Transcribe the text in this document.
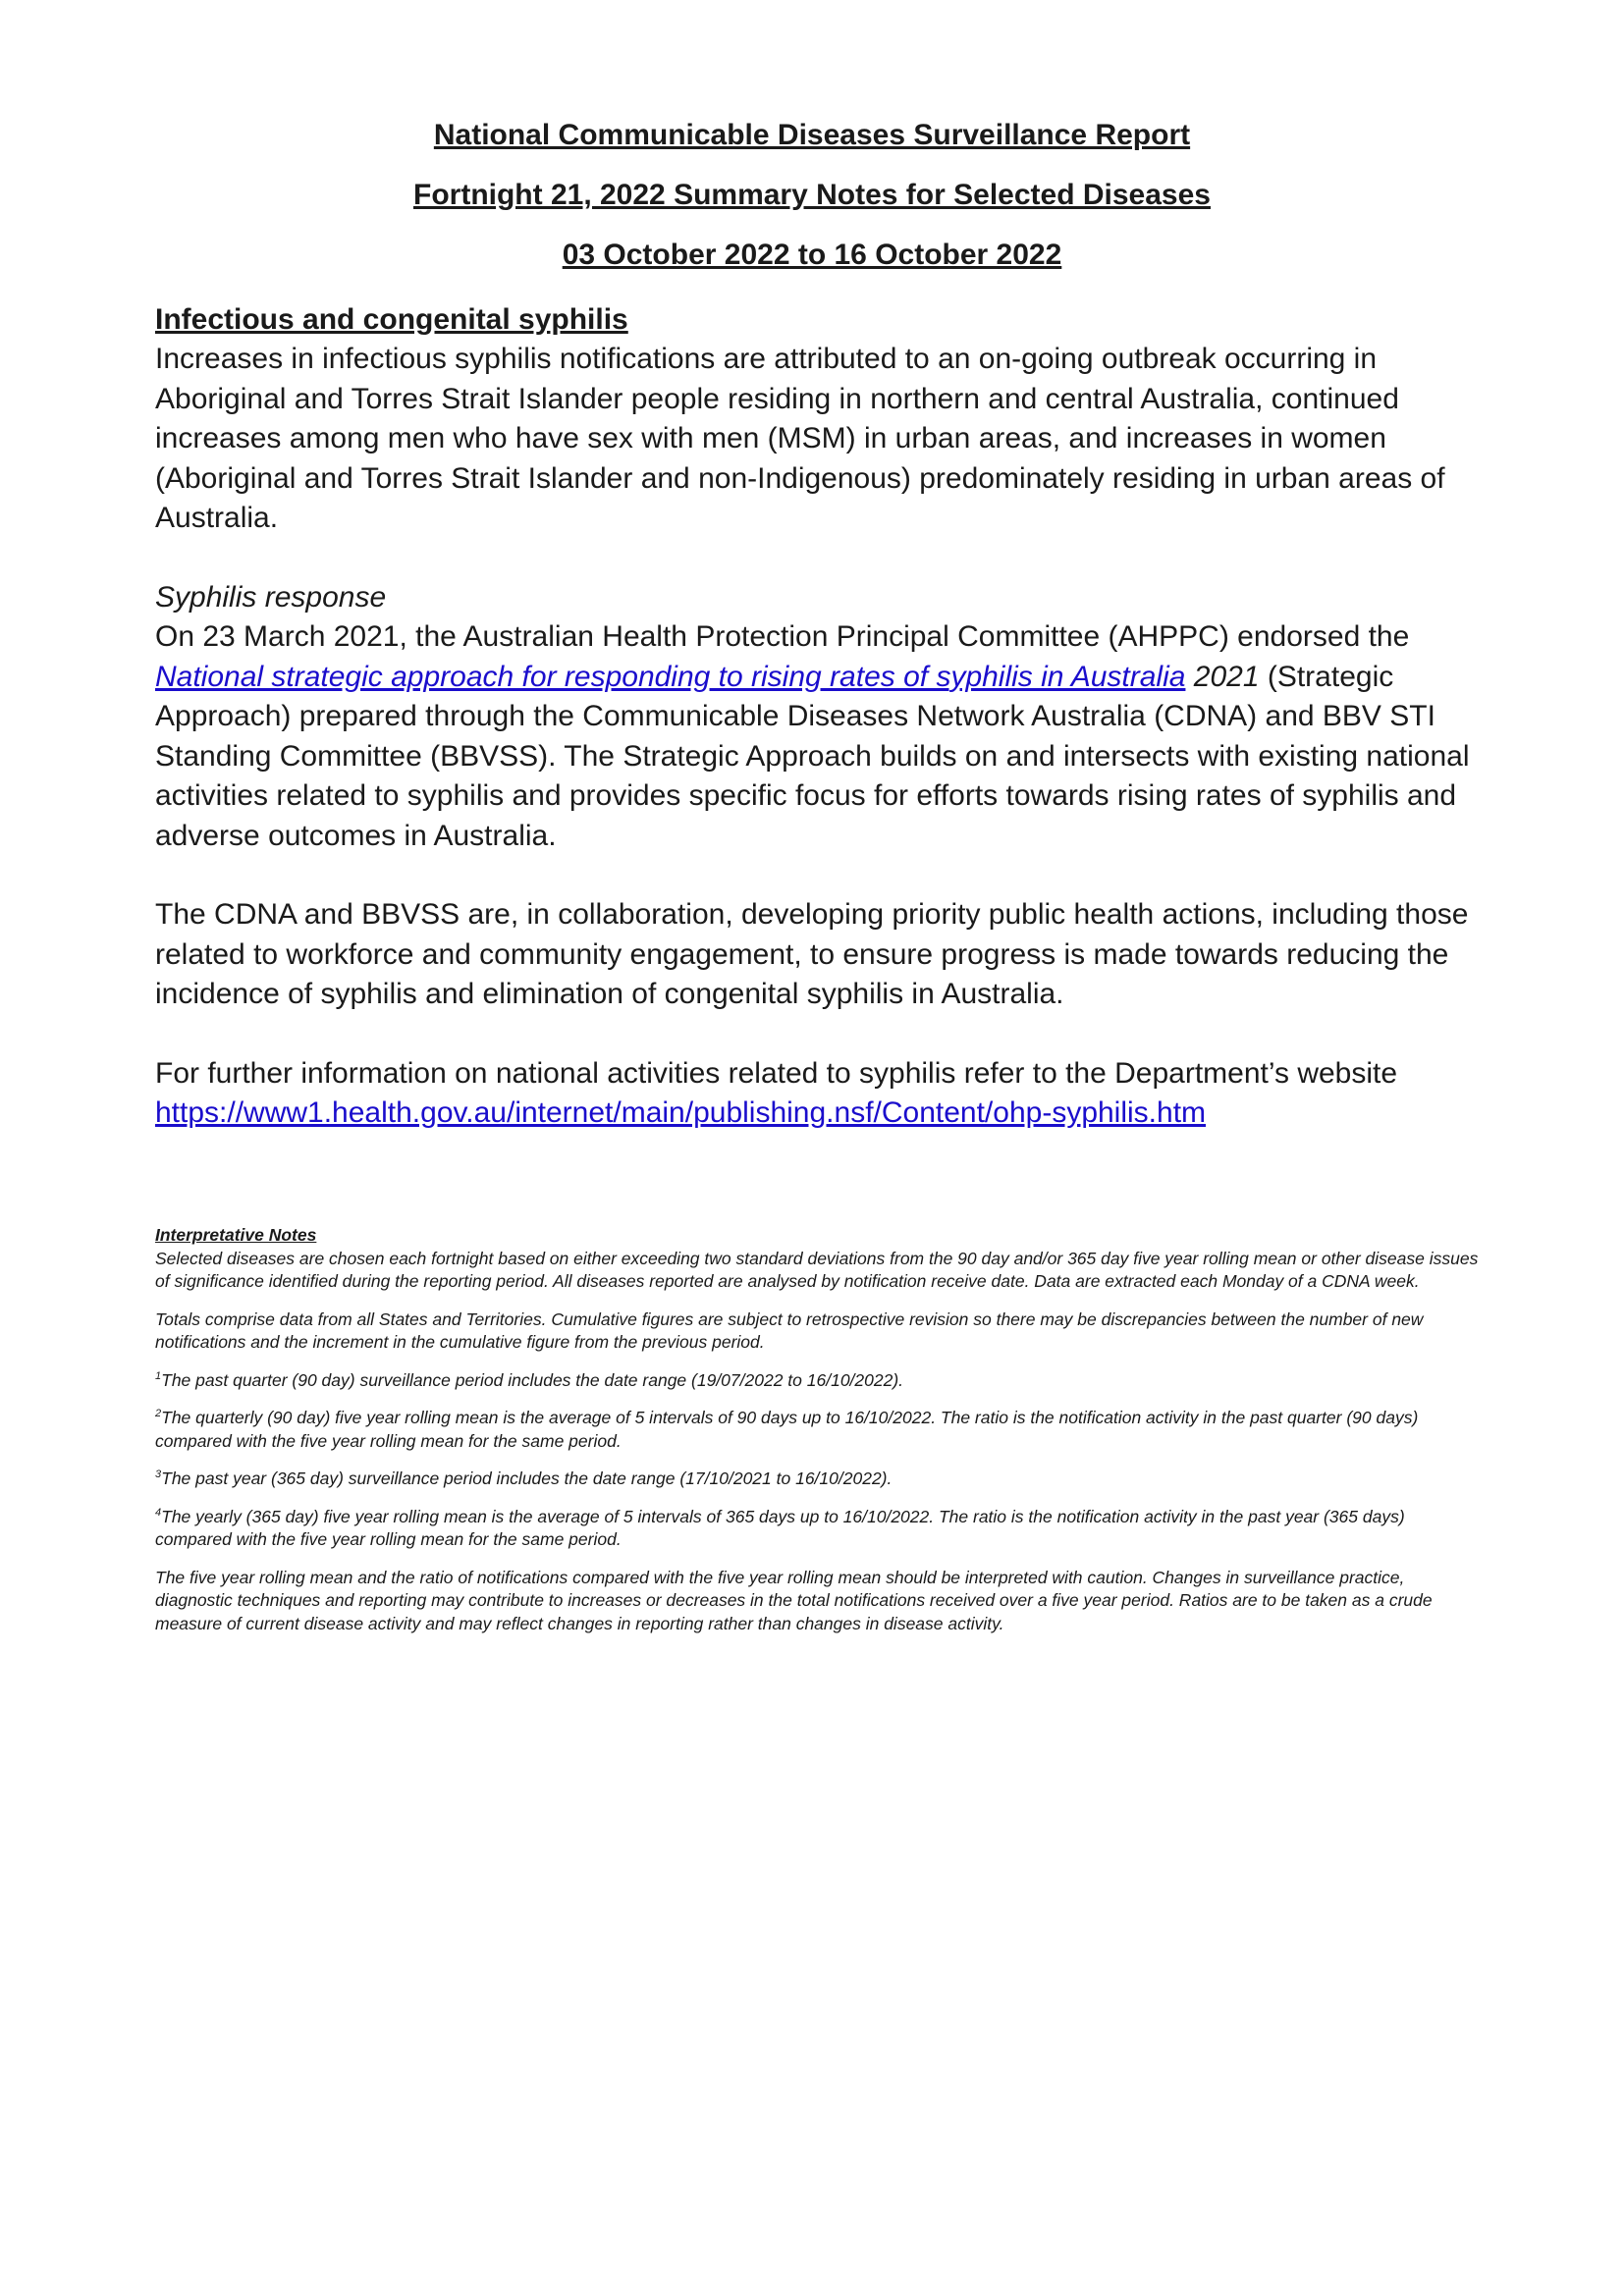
National Communicable Diseases Surveillance Report

Fortnight 21, 2022 Summary Notes for Selected Diseases

03 October 2022 to 16 October 2022

Infectious and congenital syphilis

Increases in infectious syphilis notifications are attributed to an on-going outbreak occurring in Aboriginal and Torres Strait Islander people residing in northern and central Australia, continued increases among men who have sex with men (MSM) in urban areas, and increases in women (Aboriginal and Torres Strait Islander and non-Indigenous) predominately residing in urban areas of Australia.

Syphilis response

On 23 March 2021, the Australian Health Protection Principal Committee (AHPPC) endorsed the National strategic approach for responding to rising rates of syphilis in Australia 2021 (Strategic Approach) prepared through the Communicable Diseases Network Australia (CDNA) and BBV STI Standing Committee (BBVSS). The Strategic Approach builds on and intersects with existing national activities related to syphilis and provides specific focus for efforts towards rising rates of syphilis and adverse outcomes in Australia.

The CDNA and BBVSS are, in collaboration, developing priority public health actions, including those related to workforce and community engagement, to ensure progress is made towards reducing the incidence of syphilis and elimination of congenital syphilis in Australia.

For further information on national activities related to syphilis refer to the Department’s website
https://www1.health.gov.au/internet/main/publishing.nsf/Content/ohp-syphilis.htm

Interpretative Notes

Selected diseases are chosen each fortnight based on either exceeding two standard deviations from the 90 day and/or 365 day five year rolling mean or other disease issues of significance identified during the reporting period. All diseases reported are analysed by notification receive date. Data are extracted each Monday of a CDNA week.

Totals comprise data from all States and Territories. Cumulative figures are subject to retrospective revision so there may be discrepancies between the number of new notifications and the increment in the cumulative figure from the previous period.

$^1$The past quarter (90 day) surveillance period includes the date range (19/07/2022 to 16/10/2022).

$^2$The quarterly (90 day) five year rolling mean is the average of 5 intervals of 90 days up to 16/10/2022. The ratio is the notification activity in the past quarter (90 days) compared with the five year rolling mean for the same period.

$^3$The past year (365 day) surveillance period includes the date range (17/10/2021 to 16/10/2022).

$^4$The yearly (365 day) five year rolling mean is the average of 5 intervals of 365 days up to 16/10/2022. The ratio is the notification activity in the past year (365 days) compared with the five year rolling mean for the same period.

The five year rolling mean and the ratio of notifications compared with the five year rolling mean should be interpreted with caution. Changes in surveillance practice, diagnostic techniques and reporting may contribute to increases or decreases in the total notifications received over a five year period. Ratios are to be taken as a crude measure of current disease activity and may reflect changes in reporting rather than changes in disease activity.
